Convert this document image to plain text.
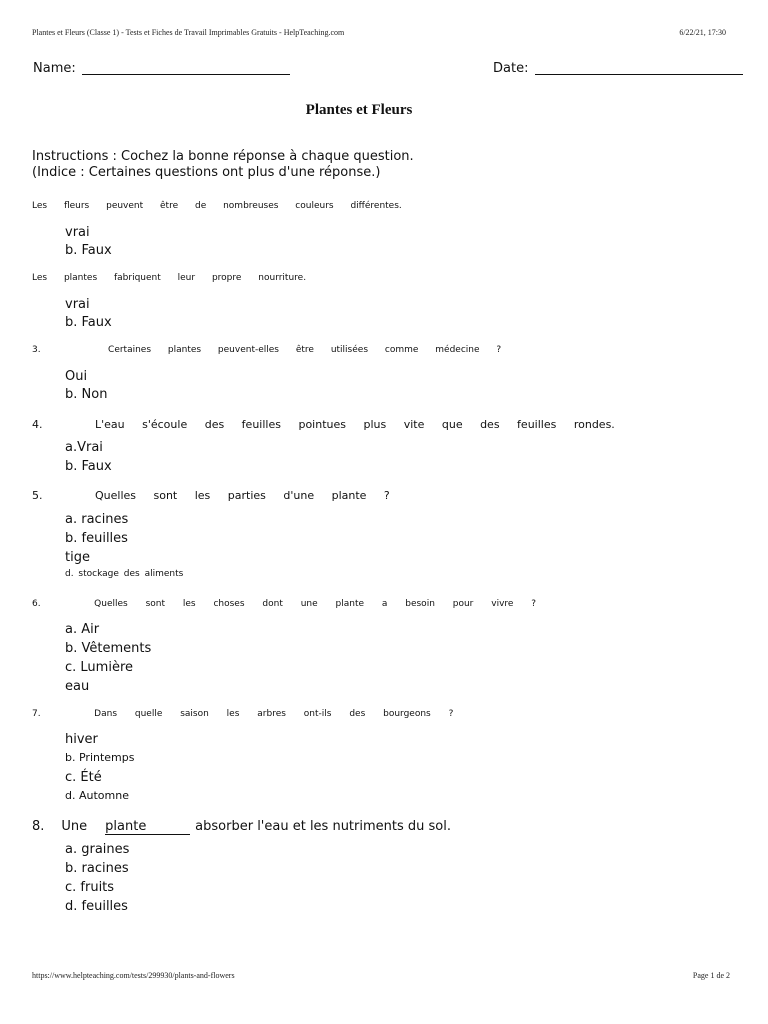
Plantes et Fleurs (Classe 1) - Tests et Fiches de Travail Imprimables Gratuits - HelpTeaching.com	6/22/21, 17:30
Name:	Date:
Plantes et Fleurs
Instructions : Cochez la bonne réponse à chaque question.
(Indice : Certaines questions ont plus d'une réponse.)
Les fleurs peuvent être de nombreuses couleurs différentes.
vrai
b. Faux
Les plantes fabriquent leur propre nourriture.
vrai
b. Faux
3.    Certaines plantes peuvent-elles être utilisées comme médecine ?
Oui
b. Non
4.   L'eau s'écoule des feuilles pointues plus vite que des feuilles rondes.
a.Vrai
b. Faux
5.   Quelles sont les parties d'une plante ?
a. racines
b. feuilles
tige
d. stockage des aliments
6.   Quelles sont les choses dont une plante a besoin pour vivre ?
a. Air
b. Vêtements
c. Lumière
eau
7.   Dans quelle saison les arbres ont-ils des bourgeons ?
hiver
b. Printemps
c. Été
d. Automne
8. Une plante	absorber l'eau et les nutriments du sol.
a. graines
b. racines
c. fruits
d. feuilles
https://www.helpteaching.com/tests/299930/plants-and-flowers	Page 1 de 2
